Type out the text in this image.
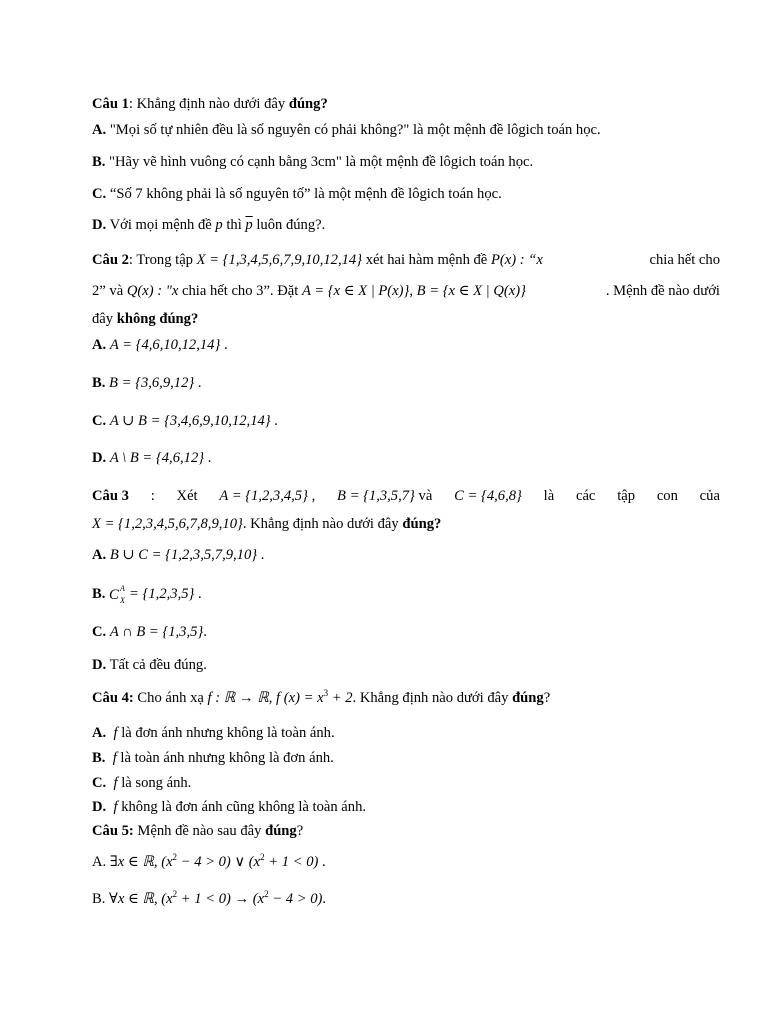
Câu 1: Khẳng định nào dưới đây đúng?
A. "Mọi số tự nhiên đều là số nguyên có phải không?" là một mệnh đề lôgich toán học.
B. "Hãy vẽ hình vuông có cạnh bằng 3cm" là một mệnh đề lôgich toán học.
C. “Số 7 không phải là số nguyên tố” là một mệnh đề lôgich toán học.
D. Với mọi mệnh đề p thì $\overline{p}$ luôn đúng?.
Câu 2: Trong tập X = {1,3,4,5,6,7,9,10,12,14} xét hai hàm mệnh đề P(x) : “x	chia hết cho
2” và Q(x) : "x chia hết cho 3”. Đặt A = {x ∈ X | P(x)}, B = {x ∈ X | Q(x)}	. Mệnh đề nào dưới
đây không đúng?
A. A = {4,6,10,12,14} .
B. B = {3,6,9,12} .
C. A ∪ B = {3,4,6,9,10,12,14} .
D. A \ B = {4,6,12} .
Câu 3 : Xét A = {1,2,3,4,5} , B = {1,3,5,7} và C = {4,6,8} là các tập con của
X = {1,2,3,4,5,6,7,8,9,10}. Khẳng định nào dưới đây đúng?
A. B ∪ C = {1,2,3,5,7,9,10} .
B. C A
X = {1,2,3,5} .
C. A ∩ B = {1,3,5}.
D. Tất cả đều đúng.
Câu 4: Cho ánh xạ f : ℝ → ℝ, f $(x) = x^3 + 2$. Khẳng định nào dưới đây đúng?
A. f là đơn ánh nhưng không là toàn ánh.
B. f là toàn ánh nhưng không là đơn ánh.
C. f là song ánh.
D. f không là đơn ánh cũng không là toàn ánh.
Câu 5: Mệnh đề nào sau đây đúng?
A. ∃x ∈ ℝ, $(x^2 - 4 > 0)$ ∨ $(x^2 + 1 < 0)$ .
B. ∀x ∈ ℝ, $(x^2 + 1 < 0) \to (x^2 - 4 > 0)$.
